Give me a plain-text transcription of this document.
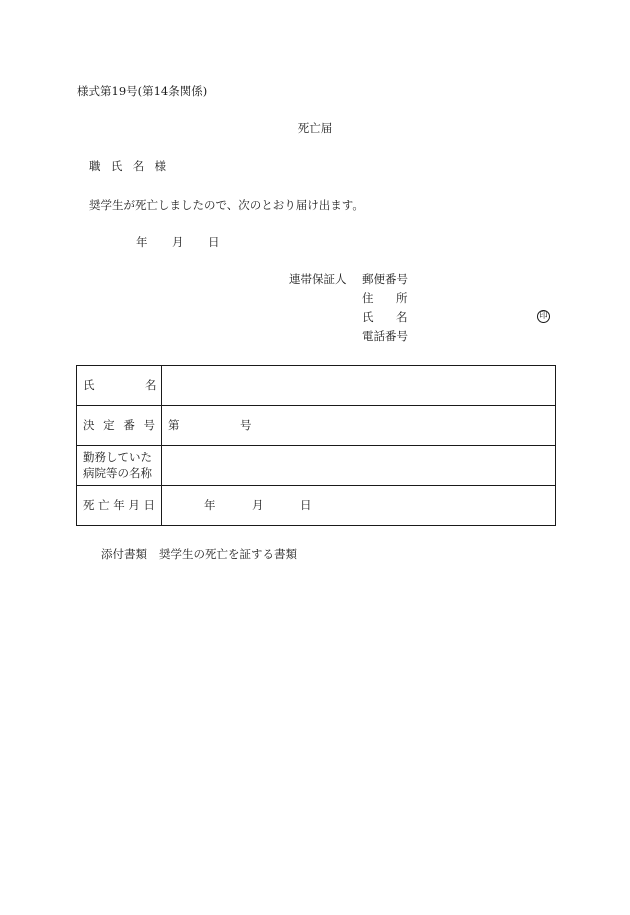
様式第19号(第14条関係)
死亡届
職氏名様
奨学生が死亡しましたので、次のとおり届け出ます。
年 月 日
連帯保証人 郵便番号
住 所
氏 名	印
電話番号
氏 名	

決定番号	第 号

勤務していた
病院等の名称	

死亡年月日	年 月 日
添付書類 奨学生の死亡を証する書類
